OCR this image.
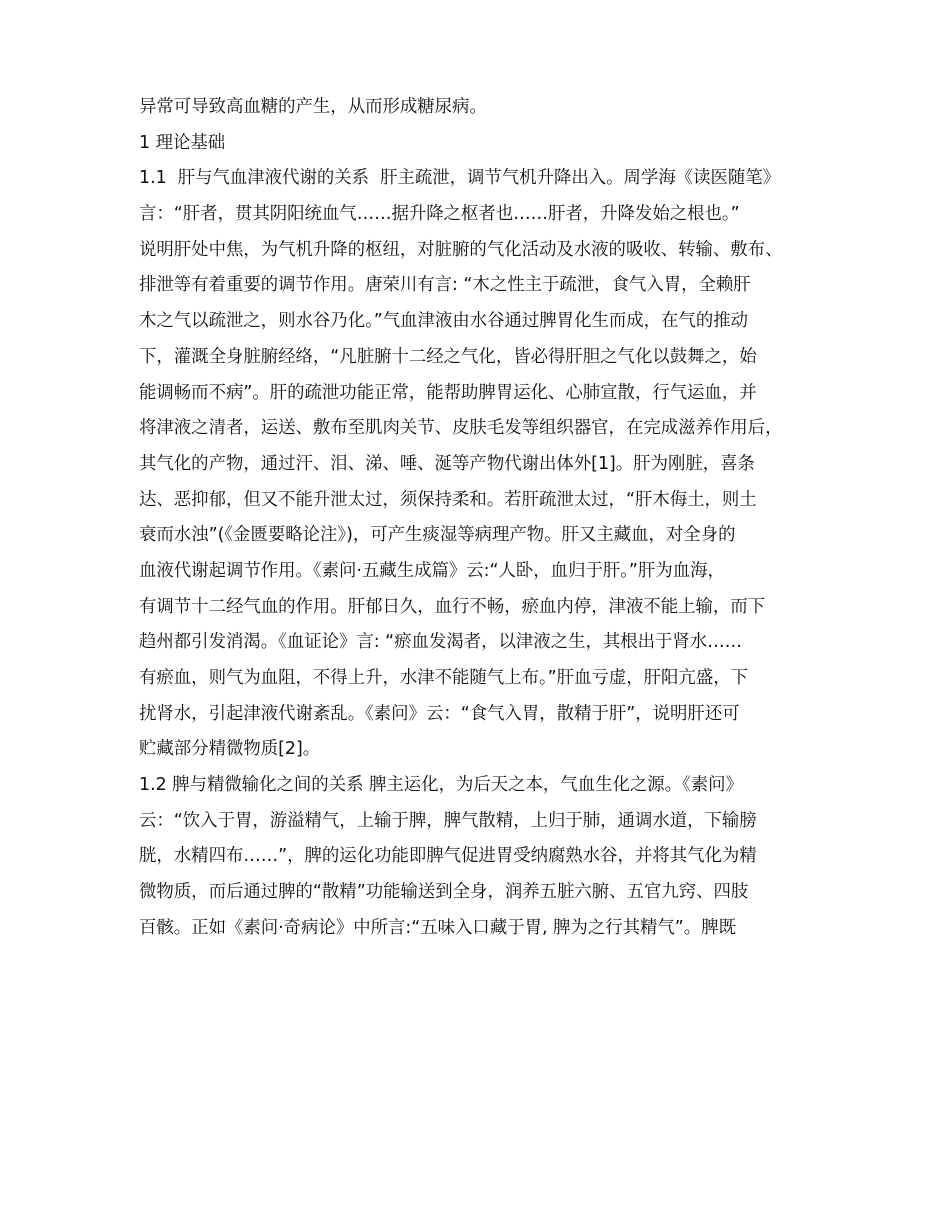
异常可导致高血糖的产生，从而形成糖尿病。
1 理论基础
1.1  肝与气血津液代谢的关系  肝主疏泄，调节气机升降出入。周学海《读医随笔》
言：“肝者，贯其阴阳统血气……据升降之枢者也……肝者，升降发始之根也。”
说明肝处中焦，为气机升降的枢纽，对脏腑的气化活动及水液的吸收、转输、敷布、
排泄等有着重要的调节作用。唐荣川有言: “木之性主于疏泄，食气入胃，全赖肝
木之气以疏泄之，则水谷乃化。”气血津液由水谷通过脾胃化生而成，在气的推动
下，灌溉全身脏腑经络，“凡脏腑十二经之气化，皆必得肝胆之气化以鼓舞之，始
能调畅而不病”。肝的疏泄功能正常，能帮助脾胃运化、心肺宣散，行气运血，并
将津液之清者，运送、敷布至肌肉关节、皮肤毛发等组织器官，在完成滋养作用后，
其气化的产物，通过汗、泪、涕、唾、涎等产物代谢出体外[1]。肝为刚脏，喜条
达、恶抑郁，但又不能升泄太过，须保持柔和。若肝疏泄太过，“肝木侮土，则土
衰而水浊”(《金匮要略论注》)，可产生痰湿等病理产物。肝又主藏血，对全身的
血液代谢起调节作用。《素问·五藏生成篇》云:“人卧，血归于肝。”肝为血海，
有调节十二经气血的作用。肝郁日久，血行不畅，瘀血内停，津液不能上输，而下
趋州都引发消渴。《血证论》言: “瘀血发渴者，以津液之生，其根出于肾水……
有瘀血，则气为血阻，不得上升，水津不能随气上布。”肝血亏虚，肝阳亢盛，下
扰肾水，引起津液代谢紊乱。《素问》云：“食气入胃，散精于肝”，说明肝还可
贮藏部分精微物质[2]。
1.2 脾与精微输化之间的关系 脾主运化，为后天之本，气血生化之源。《素问》
云：“饮入于胃，游溢精气，上输于脾，脾气散精，上归于肺，通调水道，下输膀
胱，水精四布……”，脾的运化功能即脾气促进胃受纳腐熟水谷，并将其气化为精
微物质，而后通过脾的“散精”功能输送到全身，润养五脏六腑、五官九窍、四肢
百骸。正如《素问·奇病论》中所言:“五味入口藏于胃, 脾为之行其精气”。脾既
